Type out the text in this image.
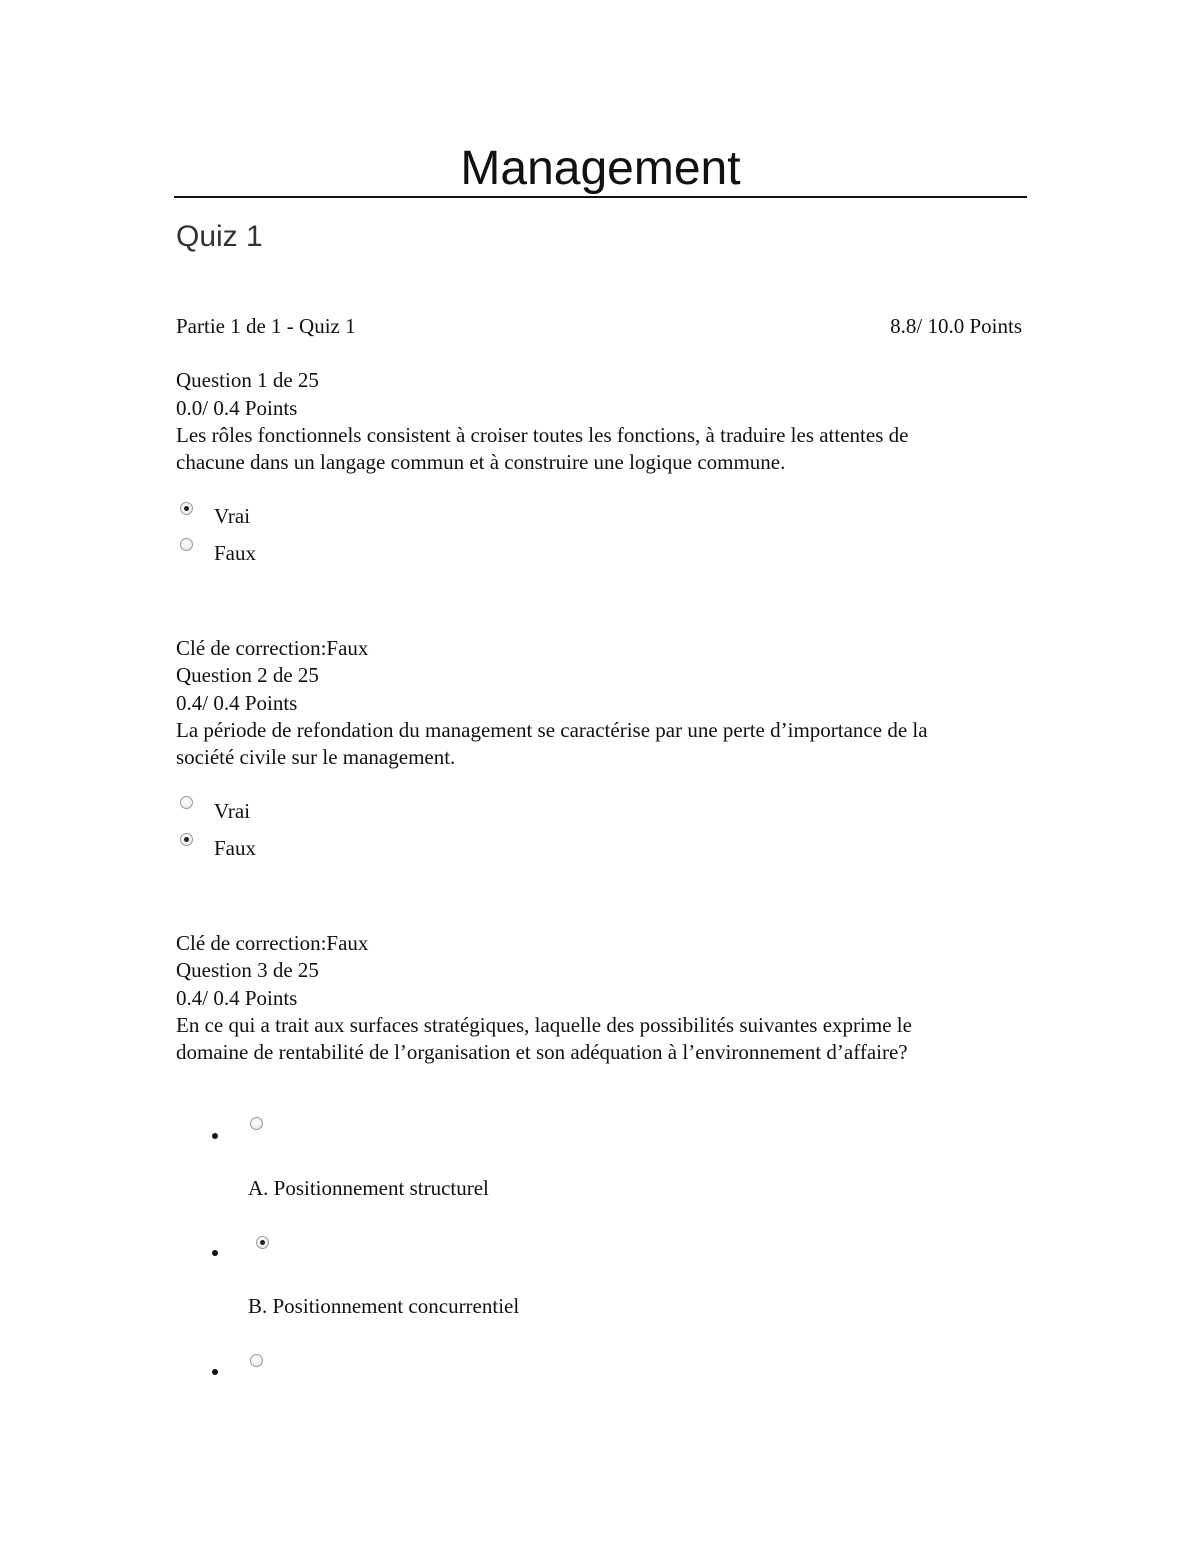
Management
Quiz 1
Partie 1 de 1 - Quiz 1	8.8/ 10.0 Points
Question 1 de 25
0.0/ 0.4 Points
Les rôles fonctionnels consistent à croiser toutes les fonctions, à traduire les attentes de
chacune dans un langage commun et à construire une logique commune.
Vrai
Faux
Clé de correction:Faux
Question 2 de 25
0.4/ 0.4 Points
La période de refondation du management se caractérise par une perte d’importance de la
société civile sur le management.
Vrai
Faux
Clé de correction:Faux
Question 3 de 25
0.4/ 0.4 Points
En ce qui a trait aux surfaces stratégiques, laquelle des possibilités suivantes exprime le
domaine de rentabilité de l’organisation et son adéquation à l’environnement d’affaire?
A. Positionnement structurel
B. Positionnement concurrentiel
